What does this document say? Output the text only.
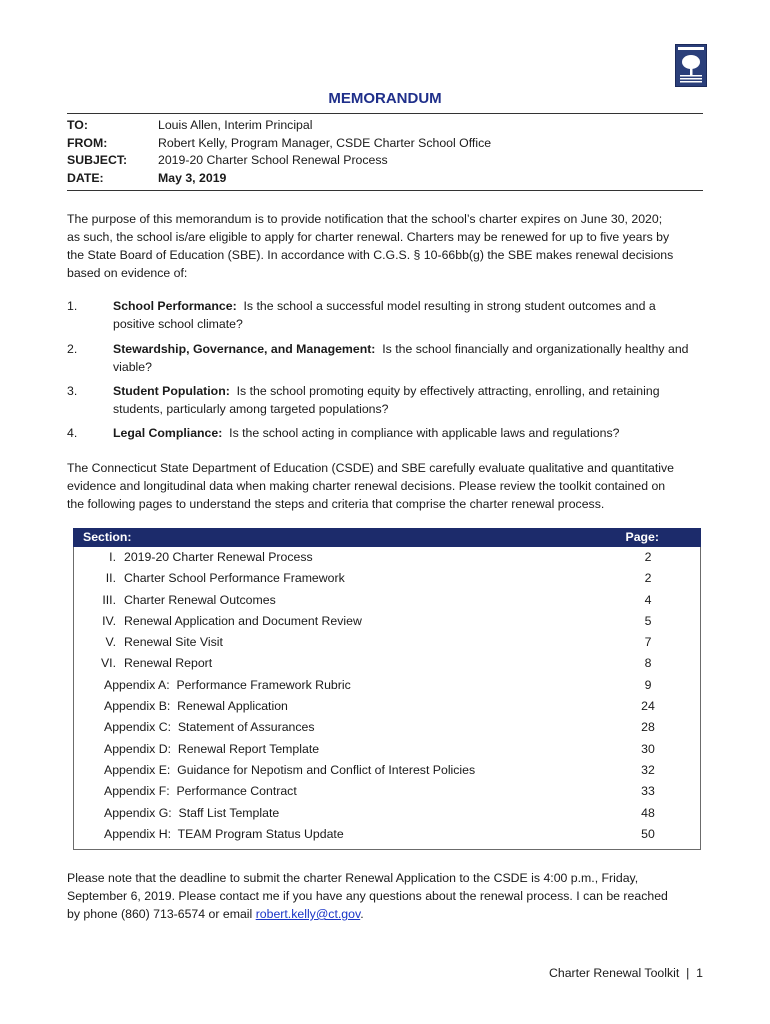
MEMORANDUM
TO:	Louis Allen, Interim Principal
FROM:	Robert Kelly, Program Manager, CSDE Charter School Office
SUBJECT:	2019-20 Charter School Renewal Process
DATE:	May 3, 2019
The purpose of this memorandum is to provide notification that the school’s charter expires on June 30, 2020;
as such, the school is/are eligible to apply for charter renewal. Charters may be renewed for up to five years by
the State Board of Education (SBE). In accordance with C.G.S. § 10-66bb(g) the SBE makes renewal decisions
based on evidence of:
1.	School Performance:  Is the school a successful model resulting in strong student outcomes and a
positive school climate?
2.	Stewardship, Governance, and Management:  Is the school financially and organizationally healthy and
viable?
3.	Student Population:  Is the school promoting equity by effectively attracting, enrolling, and retaining
students, particularly among targeted populations?
4.	Legal Compliance:  Is the school acting in compliance with applicable laws and regulations?
The Connecticut State Department of Education (CSDE) and SBE carefully evaluate qualitative and quantitative
evidence and longitudinal data when making charter renewal decisions. Please review the toolkit contained on
the following pages to understand the steps and criteria that comprise the charter renewal process.
Section:	Page:
I. 2019-20 Charter Renewal Process	2
II. Charter School Performance Framework	2
III. Charter Renewal Outcomes	4
IV. Renewal Application and Document Review	5
V. Renewal Site Visit	7
VI. Renewal Report	8
Appendix A:  Performance Framework Rubric	9
Appendix B:  Renewal Application	24
Appendix C:  Statement of Assurances	28
Appendix D:  Renewal Report Template	30
Appendix E:  Guidance for Nepotism and Conflict of Interest Policies	32
Appendix F:  Performance Contract	33
Appendix G:  Staff List Template	48
Appendix H:  TEAM Program Status Update	50
Please note that the deadline to submit the charter Renewal Application to the CSDE is 4:00 p.m., Friday,
September 6, 2019. Please contact me if you have any questions about the renewal process. I can be reached
by phone (860) 713-6574 or email robert.kelly@ct.gov.
Charter Renewal Toolkit  |  1
